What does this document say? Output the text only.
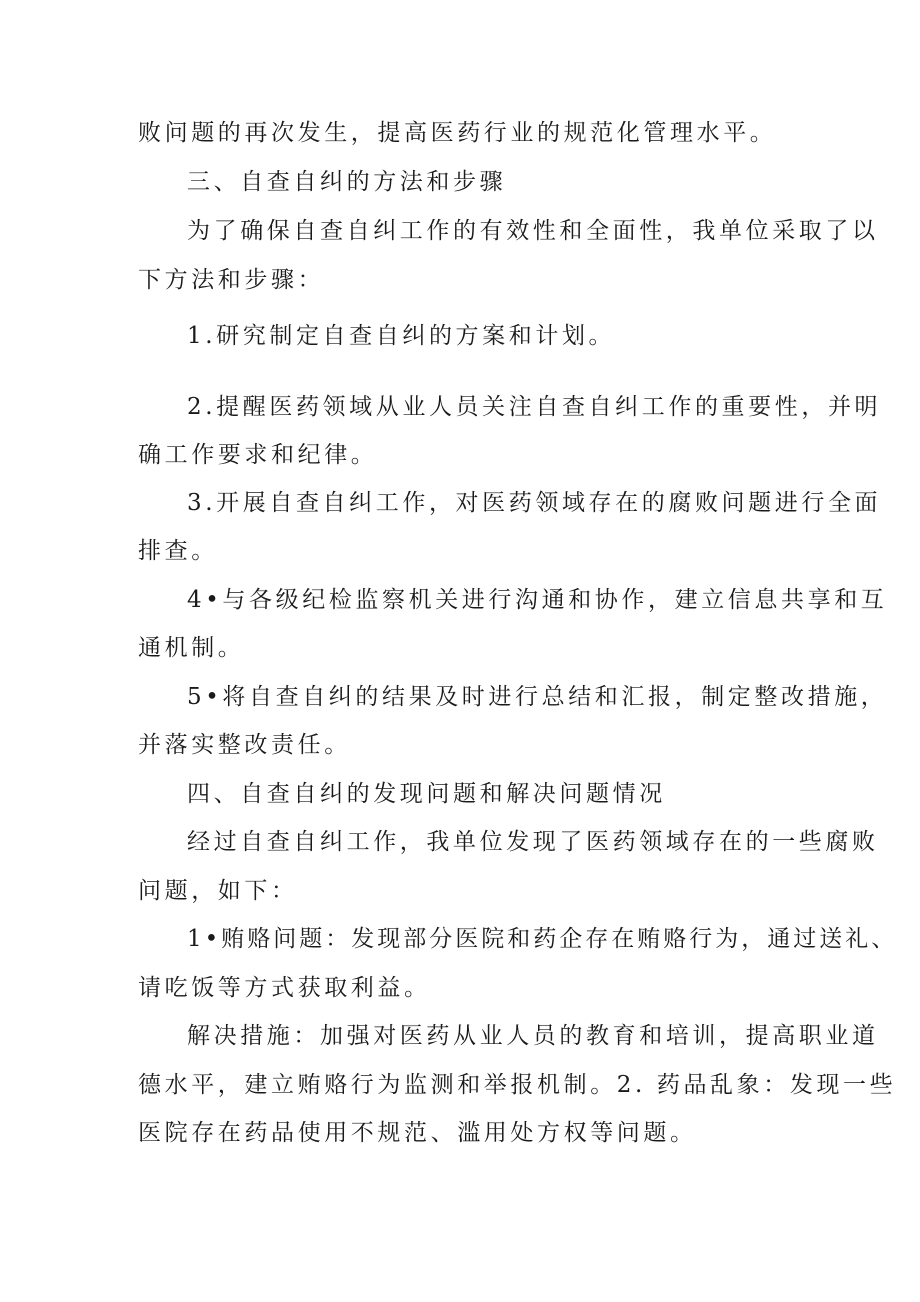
败问题的再次发生，提高医药行业的规范化管理水平。

三、自查自纠的方法和步骤

为了确保自查自纠工作的有效性和全面性，我单位采取了以

下方法和步骤：

1.研究制定自查自纠的方案和计划。

2.提醒医药领域从业人员关注自查自纠工作的重要性，并明

确工作要求和纪律。

3.开展自查自纠工作，对医药领域存在的腐败问题进行全面

排查。

4•与各级纪检监察机关进行沟通和协作，建立信息共享和互

通机制。

5•将自查自纠的结果及时进行总结和汇报，制定整改措施，

并落实整改责任。

四、自查自纠的发现问题和解决问题情况

经过自查自纠工作，我单位发现了医药领域存在的一些腐败

问题，如下：

1•贿赂问题：发现部分医院和药企存在贿赂行为，通过送礼、

请吃饭等方式获取利益。

解决措施：加强对医药从业人员的教育和培训，提高职业道

德水平，建立贿赂行为监测和举报机制。2. 药品乱象：发现一些

医院存在药品使用不规范、滥用处方权等问题。
